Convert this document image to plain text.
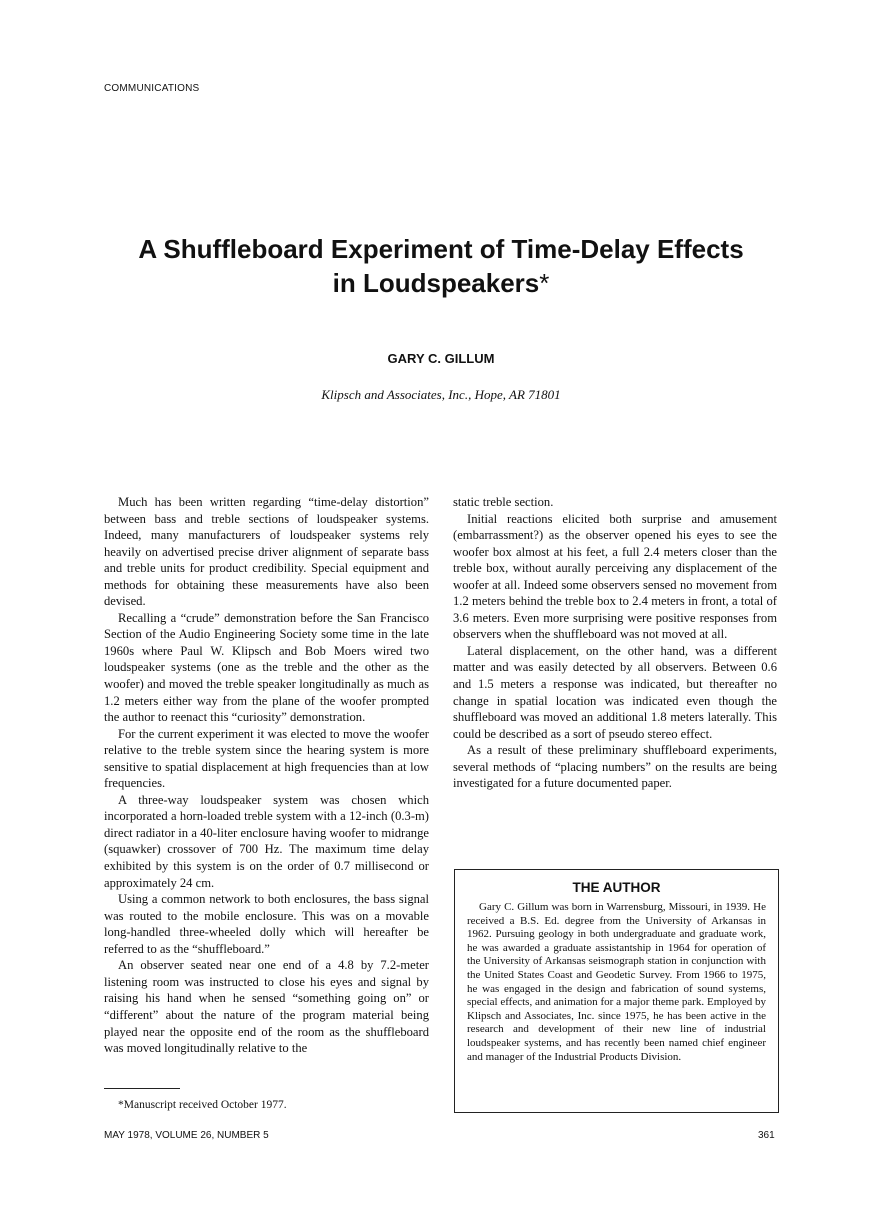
COMMUNICATIONS
A Shuffleboard Experiment of Time-Delay Effects
in Loudspeakers*
GARY C. GILLUM
Klipsch and Associates, Inc., Hope, AR 71801

Much has been written regarding “time-delay distortion” between bass and treble sections of loudspeaker systems. Indeed, many manufacturers of loudspeaker systems rely heavily on advertised precise driver alignment of separate bass and treble units for product credibility. Special equipment and methods for obtaining these measurements have also been devised.

Recalling a “crude” demonstration before the San Francisco Section of the Audio Engineering Society some time in the late 1960s where Paul W. Klipsch and Bob Moers wired two loudspeaker systems (one as the treble and the other as the woofer) and moved the treble speaker longitudinally as much as 1.2 meters either way from the plane of the woofer prompted the author to reenact this “curiosity” demonstration.

For the current experiment it was elected to move the woofer relative to the treble system since the hearing system is more sensitive to spatial displacement at high frequencies than at low frequencies.

A three-way loudspeaker system was chosen which incorporated a horn-loaded treble system with a 12-inch (0.3-m) direct radiator in a 40-liter enclosure having woofer to midrange (squawker) crossover of 700 Hz. The maximum time delay exhibited by this system is on the order of 0.7 millisecond or approximately 24 cm.

Using a common network to both enclosures, the bass signal was routed to the mobile enclosure. This was on a movable long-handled three-wheeled dolly which will hereafter be referred to as the “shuffleboard.”

An observer seated near one end of a 4.8 by 7.2-meter listening room was instructed to close his eyes and signal by raising his hand when he sensed “something going on” or “different” about the nature of the program material being played near the opposite end of the room as the shuffleboard was moved longitudinally relative to the

static treble section.

Initial reactions elicited both surprise and amusement (embarrassment?) as the observer opened his eyes to see the woofer box almost at his feet, a full 2.4 meters closer than the treble box, without aurally perceiving any displacement of the woofer at all. Indeed some observers sensed no movement from 1.2 meters behind the treble box to 2.4 meters in front, a total of 3.6 meters. Even more surprising were positive responses from observers when the shuffleboard was not moved at all.

Lateral displacement, on the other hand, was a different matter and was easily detected by all observers. Between 0.6 and 1.5 meters a response was indicated, but thereafter no change in spatial location was indicated even though the shuffleboard was moved an additional 1.8 meters laterally. This could be described as a sort of pseudo stereo effect.

As a result of these preliminary shuffleboard experiments, several methods of “placing numbers” on the results are being investigated for a future documented paper.

THE AUTHOR

Gary C. Gillum was born in Warrensburg, Missouri, in 1939. He received a B.S. Ed. degree from the University of Arkansas in 1962. Pursuing geology in both undergraduate and graduate work, he was awarded a graduate assistantship in 1964 for operation of the University of Arkansas seismograph station in conjunction with the United States Coast and Geodetic Survey. From 1966 to 1975, he was engaged in the design and fabrication of sound systems, special effects, and animation for a major theme park. Employed by Klipsch and Associates, Inc. since 1975, he has been active in the research and development of their new line of industrial loudspeaker systems, and has recently been named chief engineer and manager of the Industrial Products Division.

*Manuscript received October 1977.
MAY 1978, VOLUME 26, NUMBER 5	361
